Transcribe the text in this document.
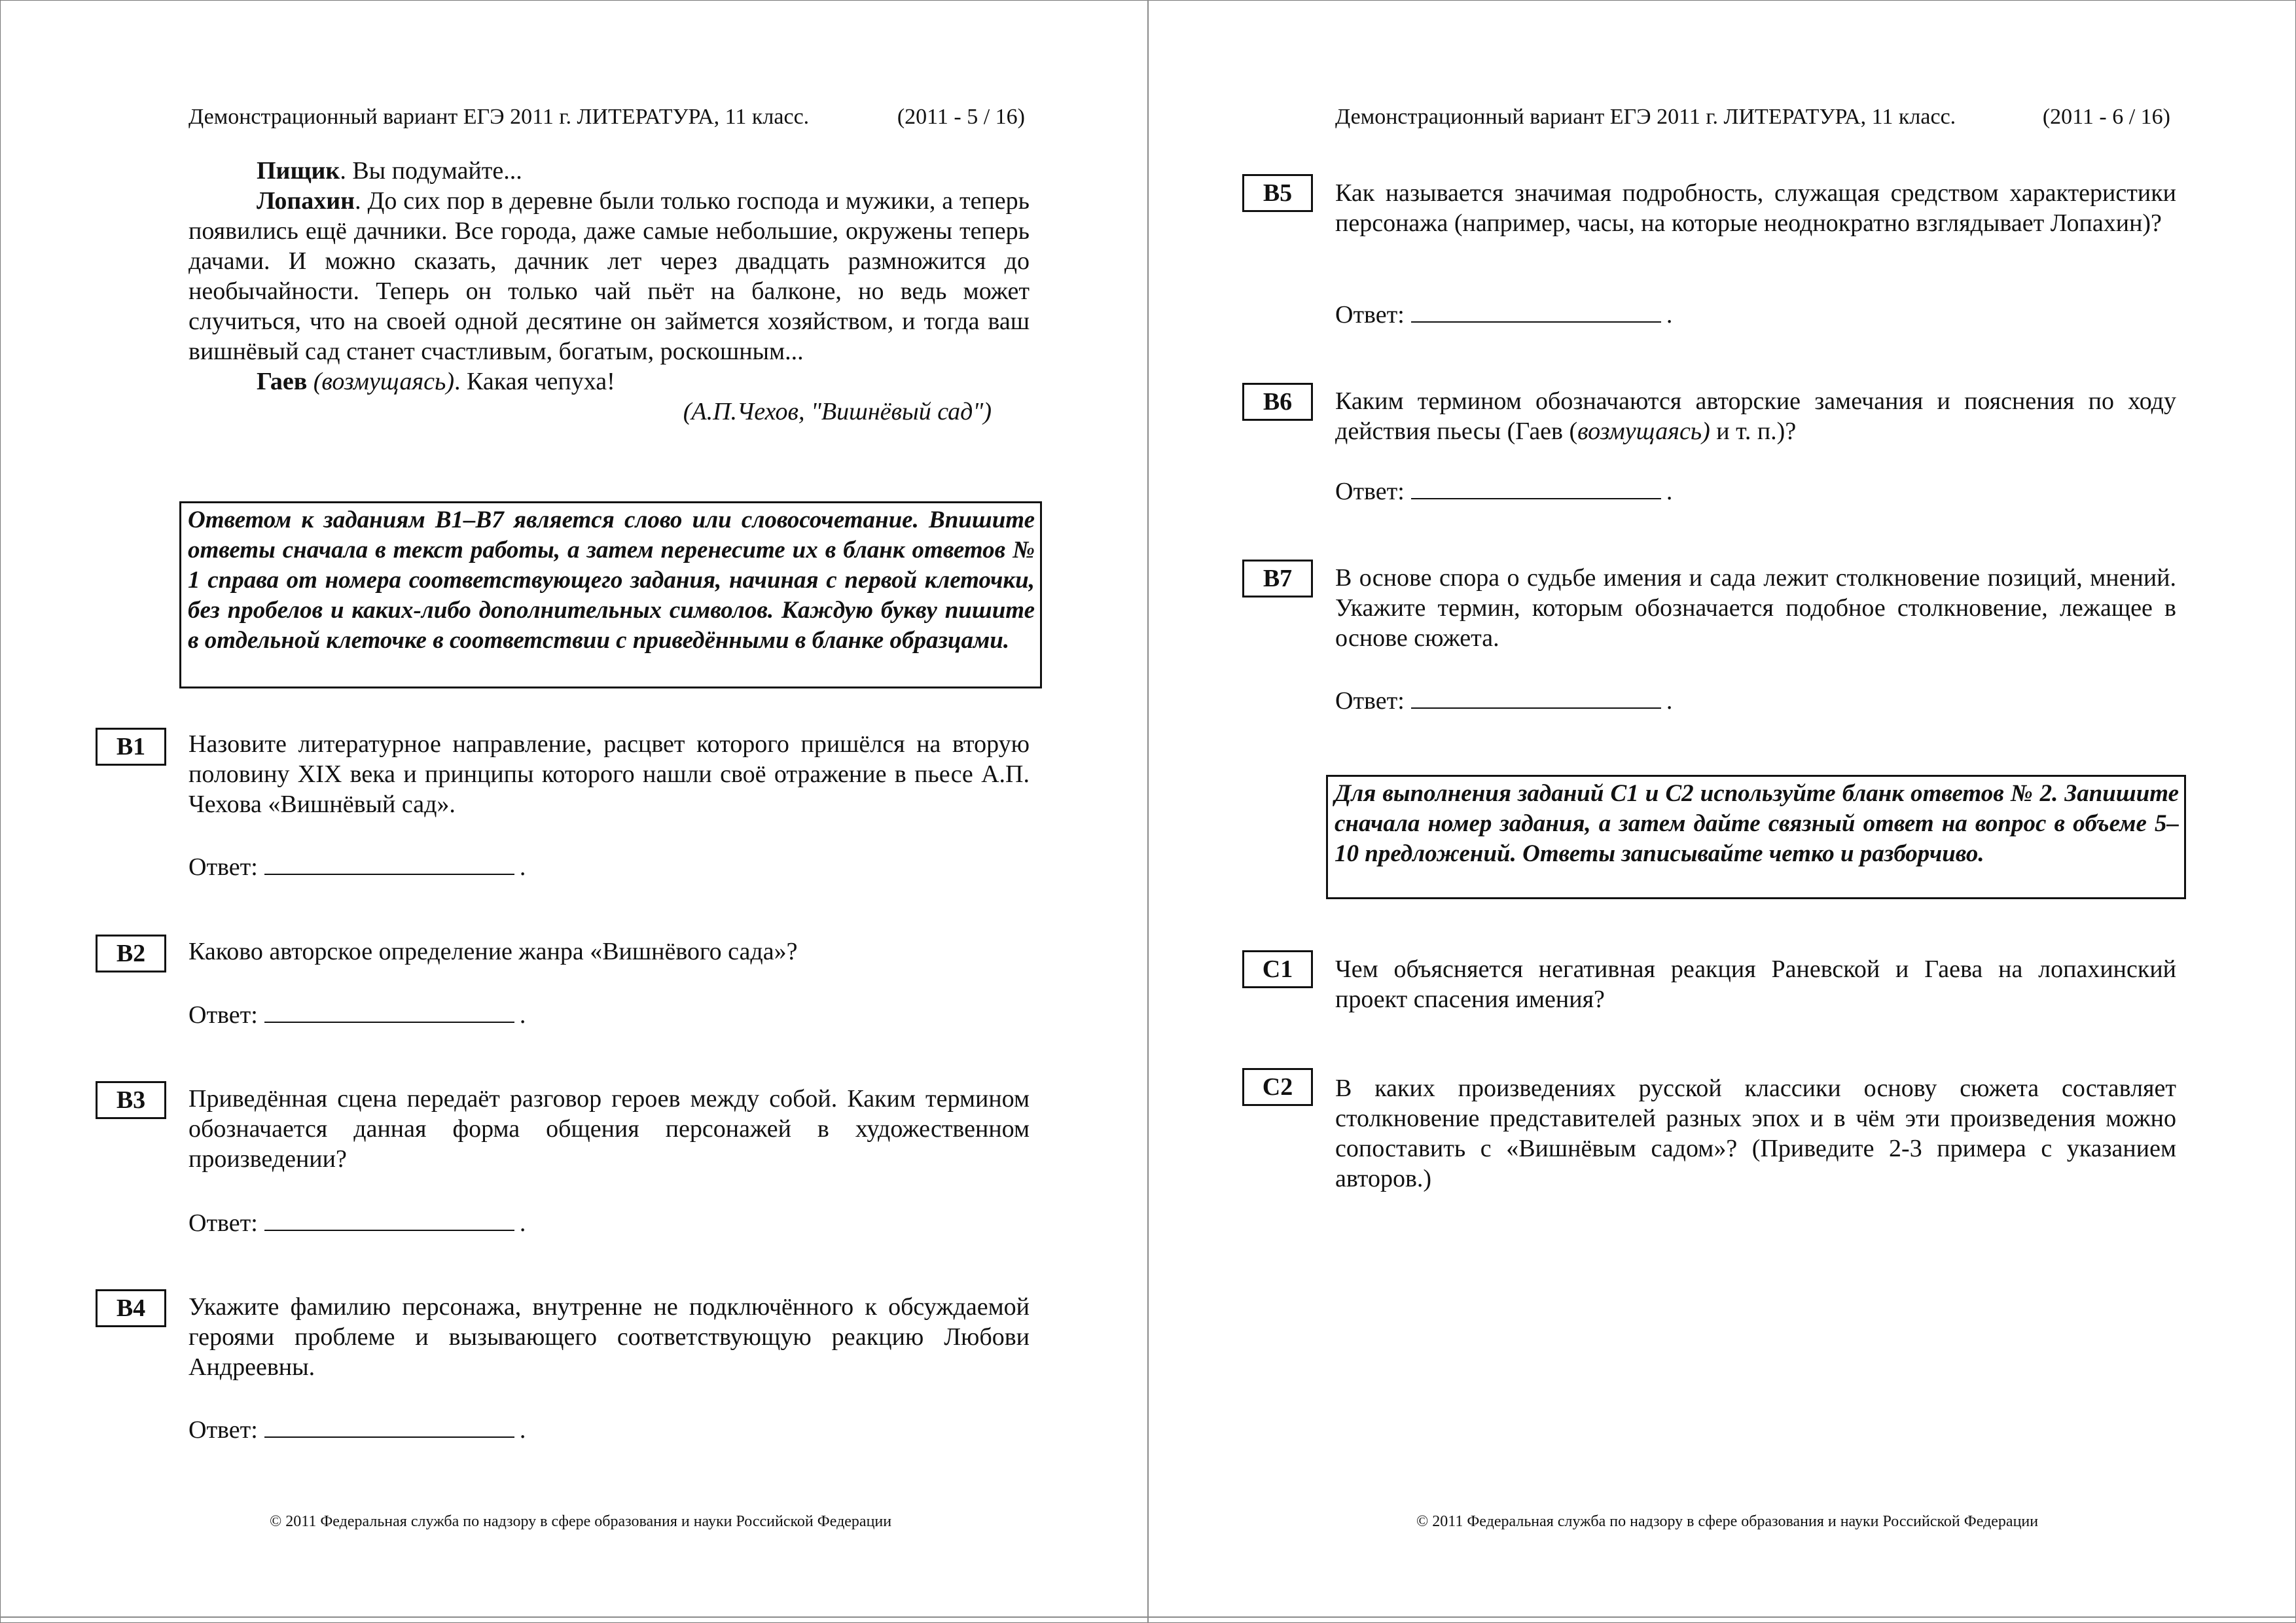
Демонстрационный вариант ЕГЭ 2011 г. ЛИТЕРАТУРА, 11 класс.	(2011 - 5 / 16)

Пищик. Вы подумайте...

Лопахин. До сих пор в деревне были только господа и мужики, а теперь появились ещё дачники. Все города, даже самые небольшие, окружены теперь дачами. И можно сказать, дачник лет через двадцать размножится до необычайности. Теперь он только чай пьёт на балконе, но ведь может случиться, что на своей одной десятине он займется хозяйством, и тогда ваш вишнёвый сад станет счастливым, богатым, роскошным...

Гаев (возмущаясь). Какая чепуха!

(А.П.Чехов, "Вишнёвый сад")

Ответом к заданиям В1–В7 является слово или словосочетание. Впишите ответы сначала в текст работы, а затем перенесите их в бланк ответов № 1 справа от номера соответствующего задания, начиная с первой клеточки, без пробелов и каких-либо дополнительных символов. Каждую букву пишите в отдельной клеточке в соответствии с приведёнными в бланке образцами.
В1	Назовите литературное направление, расцвет которого пришёлся на вторую половину XIX века и принципы которого нашли своё отражение в пьесе А.П. Чехова «Вишнёвый сад».
Ответ:	.
В2	Каково авторское определение жанра «Вишнёвого сада»?
Ответ:	.
В3	Приведённая сцена передаёт разговор героев между собой. Каким термином обозначается данная форма общения персонажей в художественном произведении?
Ответ:	.
В4	Укажите фамилию персонажа, внутренне не подключённого к обсуждаемой героями проблеме и вызывающего соответствующую реакцию Любови Андреевны.
Ответ:	.
© 2011 Федеральная служба по надзору в сфере образования и науки Российской Федерации
Демонстрационный вариант ЕГЭ 2011 г. ЛИТЕРАТУРА, 11 класс.	(2011 - 6 / 16)
В5	Как называется значимая подробность, служащая средством характеристики персонажа (например, часы, на которые неоднократно взглядывает Лопахин)?
Ответ:	.
В6	Каким термином обозначаются авторские замечания и пояснения по ходу действия пьесы (Гаев (возмущаясь) и т. п.)?
Ответ:	.
В7	В основе спора о судьбе имения и сада лежит столкновение позиций, мнений. Укажите термин, которым обозначается подобное столкновение, лежащее в основе сюжета.
Ответ:	.
Для выполнения заданий С1 и С2 используйте бланк ответов № 2. Запишите сначала номер задания, а затем дайте связный ответ на вопрос в объеме 5–10 предложений. Ответы записывайте четко и разборчиво.
С1	Чем объясняется негативная реакция Раневской и Гаева на лопахинский проект спасения имения?
С2	В каких произведениях русской классики основу сюжета составляет столкновение представителей разных эпох и в чём эти произведения можно сопоставить с «Вишнёвым садом»? (Приведите 2-3 примера с указанием авторов.)
© 2011 Федеральная служба по надзору в сфере образования и науки Российской Федерации
